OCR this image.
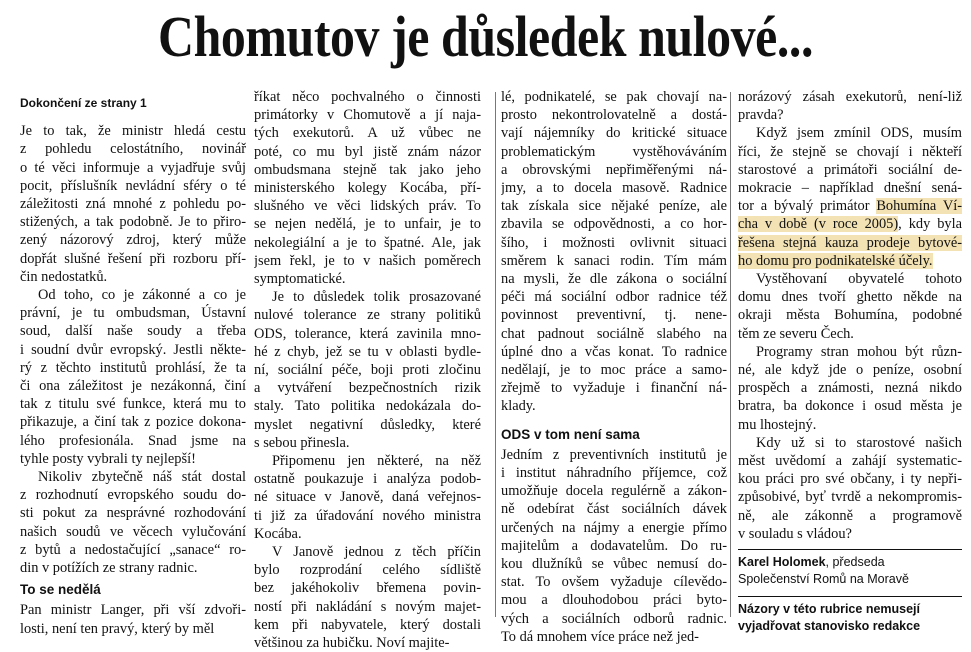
Chomutov je důsledek nulové...
Dokončení ze strany 1
Je to tak, že ministr hledá cestu
z pohledu celostátního, novinář
o té věci informuje a vyjadřuje svůj
pocit, příslušník nevládní sféry o té
záležitosti zná mnohé z pohledu po-
stižených, a tak podobně. Je to přiro-
zený názorový zdroj, který může
dopřát slušné řešení při rozboru pří-
čin nedostatků.
Od toho, co je zákonné a co je
právní, je tu ombudsman, Ústavní
soud, další naše soudy a třeba
i soudní dvůr evropský. Jestli někte-
rý z těchto institutů prohlásí, že ta
či ona záležitost je nezákonná, činí
tak z titulu své funkce, která mu to
přikazuje, a činí tak z pozice dokona-
lého profesionála. Snad jsme na
tyhle posty vybrali ty nejlepší!
Nikoliv zbytečně náš stát dostal
z rozhodnutí evropského soudu do-
sti pokut za nesprávné rozhodování
našich soudů ve věcech vylučování
z bytů a nedostačující „sanace“ ro-
din v potížích ze strany radnic.
To se nedělá
Pan ministr Langer, při vší zdvoři-
losti, není ten pravý, který by měl
říkat něco pochvalného o činnosti
primátorky v Chomutově a jí naja-
tých exekutorů. A už vůbec ne
poté, co mu byl jistě znám názor
ombudsmana stejně tak jako jeho
ministerského kolegy Kocába, pří-
slušného ve věci lidských práv. To
se nejen nedělá, je to unfair, je to
nekolegiální a je to špatné. Ale, jak
jsem řekl, je to v našich poměrech
symptomatické.
Je to důsledek tolik prosazované
nulové tolerance ze strany politiků
ODS, tolerance, která zavinila mno-
hé z chyb, jež se tu v oblasti bydle-
ní, sociální péče, boji proti zločinu
a vytváření bezpečnostních rizik
staly. Tato politika nedokázala do-
myslet negativní důsledky, které
s sebou přinesla.
Připomenu jen některé, na něž
ostatně poukazuje i analýza podob-
né situace v Janově, daná veřejnos-
ti již za úřadování nového ministra
Kocába.
V Janově jednou z těch příčin
bylo rozprodání celého sídliště
bez jakéhokoliv břemena povin-
ností při nakládání s novým majet-
kem při nabyvatele, který dostali
většinou za hubičku. Noví majite-
lé, podnikatelé, se pak chovají na-
prosto nekontrolovatelně a dostá-
vají nájemníky do kritické situace
problematickým vystěhováváním
a obrovskými nepřiměřenými ná-
jmy, a to docela masově. Radnice
tak získala sice nějaké peníze, ale
zbavila se odpovědnosti, a co hor-
šího, i možnosti ovlivnit situaci
směrem k sanaci rodin. Tím mám
na mysli, že dle zákona o sociální
péči má sociální odbor radnice též
povinnost preventivní, tj. nene-
chat padnout sociálně slabého na
úplné dno a včas konat. To radnice
nedělají, je to moc práce a samo-
zřejmě to vyžaduje i finanční ná-
klady.
ODS v tom není sama
Jedním z preventivních institutů je
i institut náhradního příjemce, což
umožňuje docela regulérně a zákon-
ně odebírat část sociálních dávek
určených na nájmy a energie přímo
majitelům a dodavatelům. Do ru-
kou dlužníků se vůbec nemusí do-
stat. To ovšem vyžaduje cílevědo-
mou a dlouhodobou práci byto-
vých a sociálních odborů radnic.
To dá mnohem více práce než jed-
norázový zásah exekutorů, není-liž
pravda?
Když jsem zmínil ODS, musím
říci, že stejně se chovají i někteří
starostové a primátoři sociální de-
mokracie – například dnešní sená-
tor a bývalý primátor Bohumína Ví-
cha v době (v roce 2005), kdy byla
řešena stejná kauza prodeje bytové-
ho domu pro podnikatelské účely.
Vystěhovaní obyvatelé tohoto
domu dnes tvoří ghetto někde na
okraji města Bohumína, podobné
těm ze severu Čech.
Programy stran mohou být různ-
né, ale když jde o peníze, osobní
prospěch a známosti, nezná nikdo
bratra, ba dokonce i osud města je
mu lhostejný.
Kdy už si to starostové našich
měst uvědomí a zahájí systematic-
kou práci pro své občany, i ty nepři-
způsobivé, byť tvrdě a nekompromis-
ně, ale zákonně a programově
v souladu s vládou?
Karel Holomek, předseda
Společenství Romů na Moravě
Názory v této rubrice nemusejí
vyjadřovat stanovisko redakce
